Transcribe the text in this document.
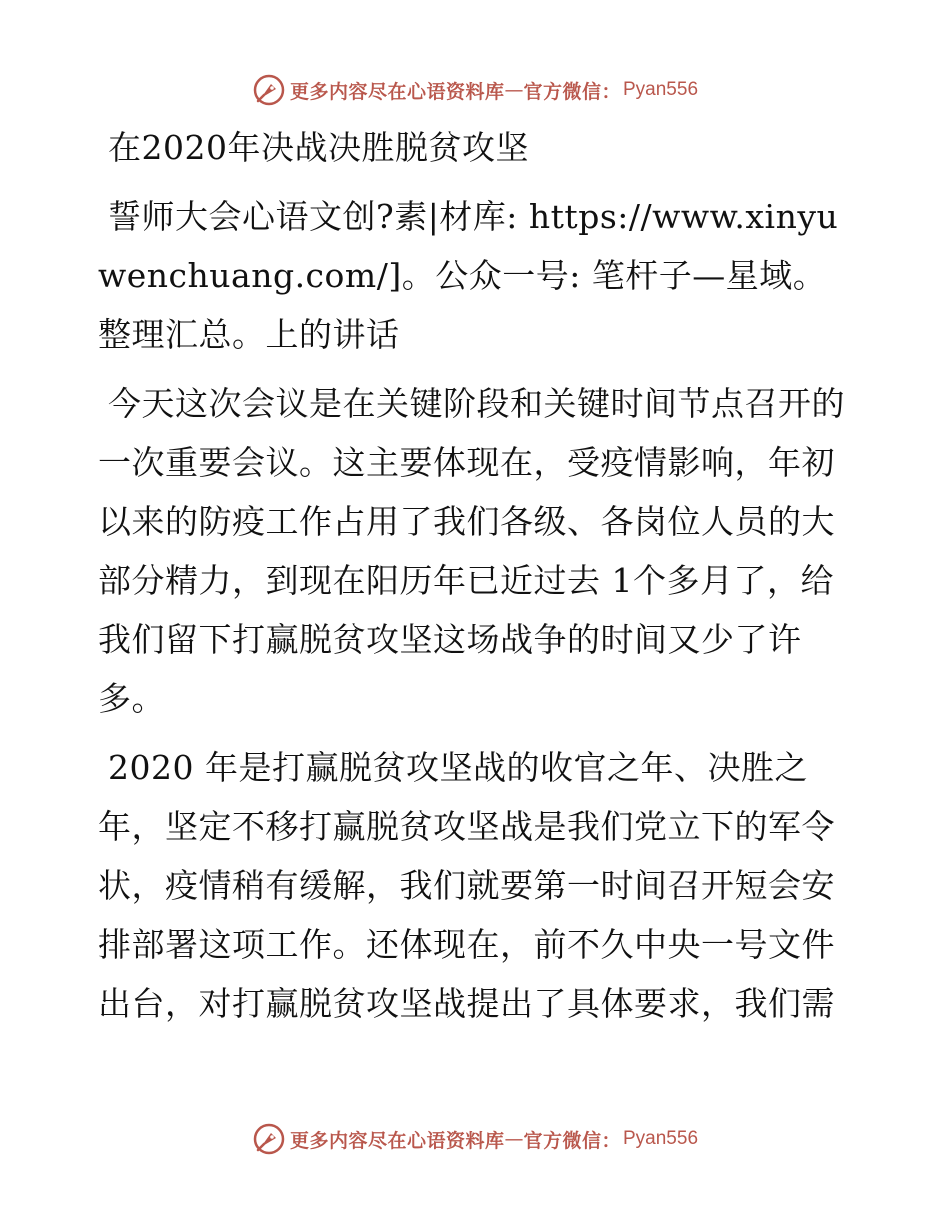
更多内容尽在心语资料库 — 官方微信： Pyan556

在2020年决战决胜脱贫攻坚

誓师大会心语文创?素|材库: https://www.xinyuwenchuang.com/]。公众一号: 笔杆子—星域。整理汇总。上的讲话

今天这次会议是在关键阶段和关键时间节点召开的一次重要会议。这主要体现在，受疫情影响，年初以来的防疫工作占用了我们各级、各岗位人员的大部分精力，到现在阳历年已近过去 1个多月了，给我们留下打赢脱贫攻坚这场战争的时间又少了许多。

2020 年是打赢脱贫攻坚战的收官之年、决胜之年，坚定不移打赢脱贫攻坚战是我们党立下的军令状，疫情稍有缓解，我们就要第一时间召开短会安排部署这项工作。还体现在，前不久中央一号文件出台，对打赢脱贫攻坚战提出了具体要求，我们需

更多内容尽在心语资料库 — 官方微信： Pyan556
